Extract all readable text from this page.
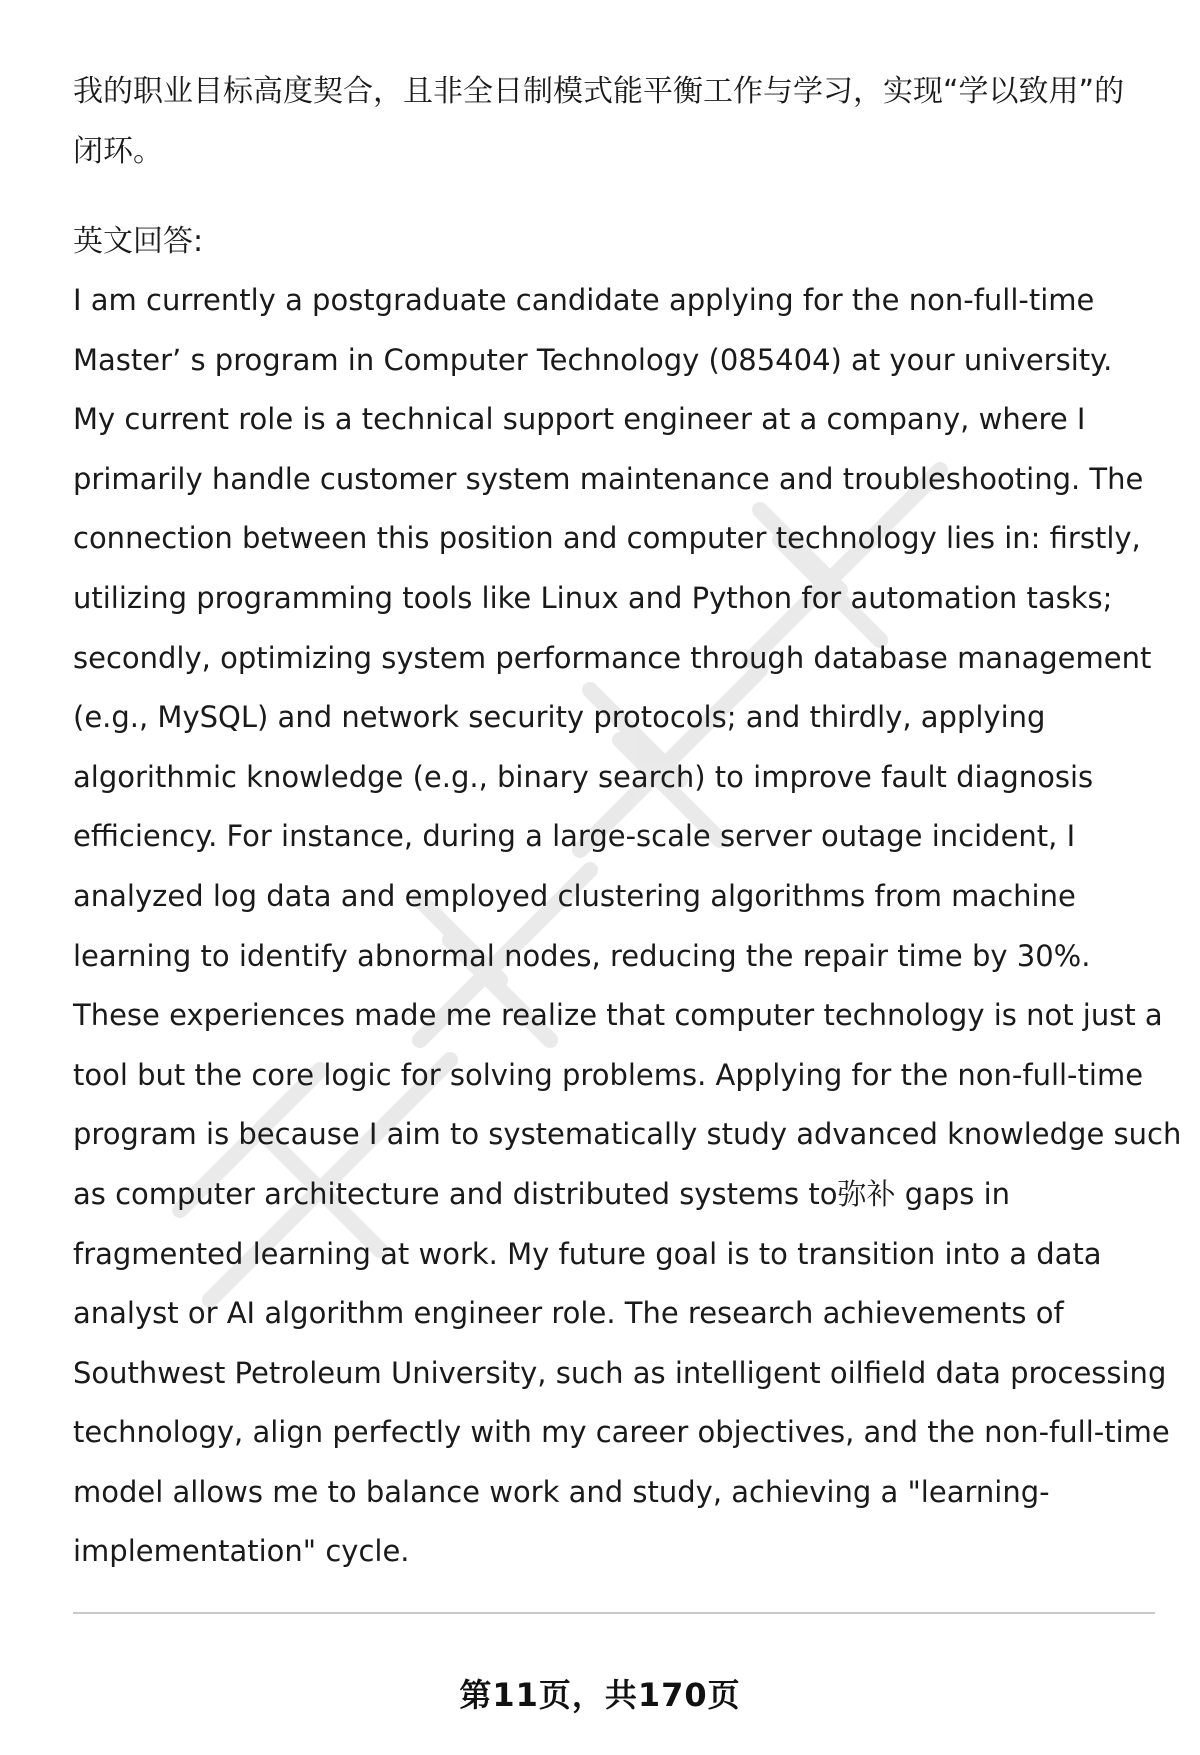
我的职业目标高度契合，且非全日制模式能平衡工作与学习，实现“学以致用”的

闭环。

英文回答:

I am currently a postgraduate candidate applying for the non-full-time

Master’ s program in Computer Technology (085404) at your university.

My current role is a technical support engineer at a company, where I

primarily handle customer system maintenance and troubleshooting. The

connection between this position and computer technology lies in: firstly,

utilizing programming tools like Linux and Python for automation tasks;

secondly, optimizing system performance through database management

(e.g., MySQL) and network security protocols; and thirdly, applying

algorithmic knowledge (e.g., binary search) to improve fault diagnosis

efficiency. For instance, during a large-scale server outage incident, I

analyzed log data and employed clustering algorithms from machine

learning to identify abnormal nodes, reducing the repair time by 30%.

These experiences made me realize that computer technology is not just a

tool but the core logic for solving problems. Applying for the non-full-time

program is because I aim to systematically study advanced knowledge such

as computer architecture and distributed systems to弥补 gaps in

fragmented learning at work. My future goal is to transition into a data

analyst or AI algorithm engineer role. The research achievements of

Southwest Petroleum University, such as intelligent oilfield data processing

technology, align perfectly with my career objectives, and the non-full-time

model allows me to balance work and study, achieving a "learning-

implementation" cycle.

第11页，共170页
